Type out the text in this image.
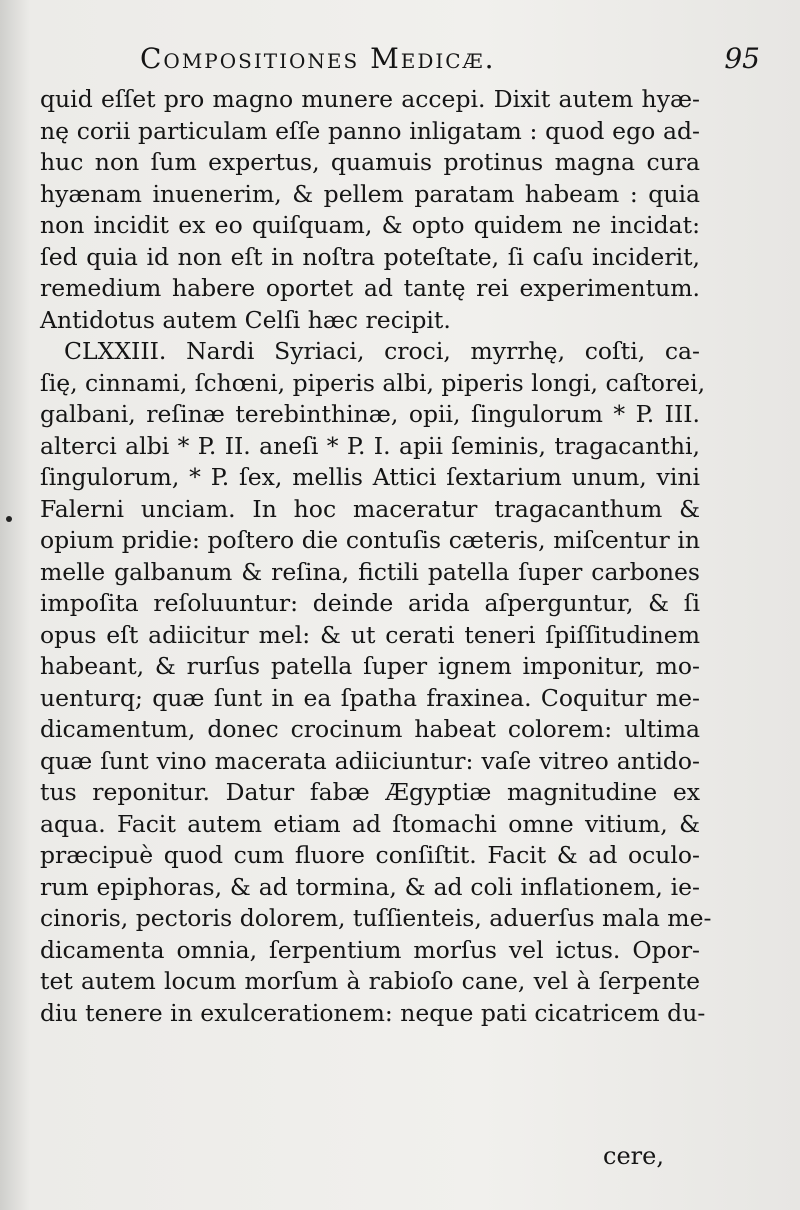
Compositiones Medicæ.	95
quid eſſet pro magno munere accepi. Dixit autem hyæ-
nę corii particulam eſſe panno inligatam : quod ego ad-
huc non ſum expertus, quamuis protinus magna cura
hyænam inuenerim, & pellem paratam habeam : quia
non incidit ex eo quiſquam, & opto quidem ne incidat:
ſed quia id non eſt in noſtra poteſtate, ſi caſu inciderit,
remedium habere oportet ad tantę rei experimentum.
Antidotus autem Celſi hæc recipit.
CLXXIII. Nardi Syriaci, croci, myrrhę, coſti, ca-
ſię, cinnami, ſchœni, piperis albi, piperis longi, caſtorei,
galbani, reſinæ terebinthinæ, opii, ſingulorum * P. III.
alterci albi * P. II. aneſi * P. I. apii ſeminis, tragacanthi,
ſingulorum, * P. ſex, mellis Attici ſextarium unum, vini
Falerni unciam. In hoc maceratur tragacanthum &
opium pridie: poſtero die contuſis cæteris, miſcentur in
melle galbanum & reſina, fictili patella ſuper carbones
impoſita reſoluuntur: deinde arida aſperguntur, & ſi
opus eſt adiicitur mel: & ut cerati teneri ſpiſſitudinem
habeant, & rurſus patella ſuper ignem imponitur, mo-
uenturq; quæ ſunt in ea ſpatha fraxinea. Coquitur me-
dicamentum, donec crocinum habeat colorem: ultima
quæ ſunt vino macerata adiiciuntur: vaſe vitreo antido-
tus reponitur. Datur fabæ Ægyptiæ magnitudine ex
aqua. Facit autem etiam ad ſtomachi omne vitium, &
præcipuè quod cum fluore conſiſtit. Facit & ad oculo-
rum epiphoras, & ad tormina, & ad coli inflationem, ie-
cinoris, pectoris dolorem, tuſſienteis, aduerſus mala me-
dicamenta omnia, ſerpentium morſus vel ictus. Opor-
tet autem locum morſum à rabioſo cane, vel à ſerpente
diu tenere in exulcerationem: neque pati cicatricem du-
cere,
